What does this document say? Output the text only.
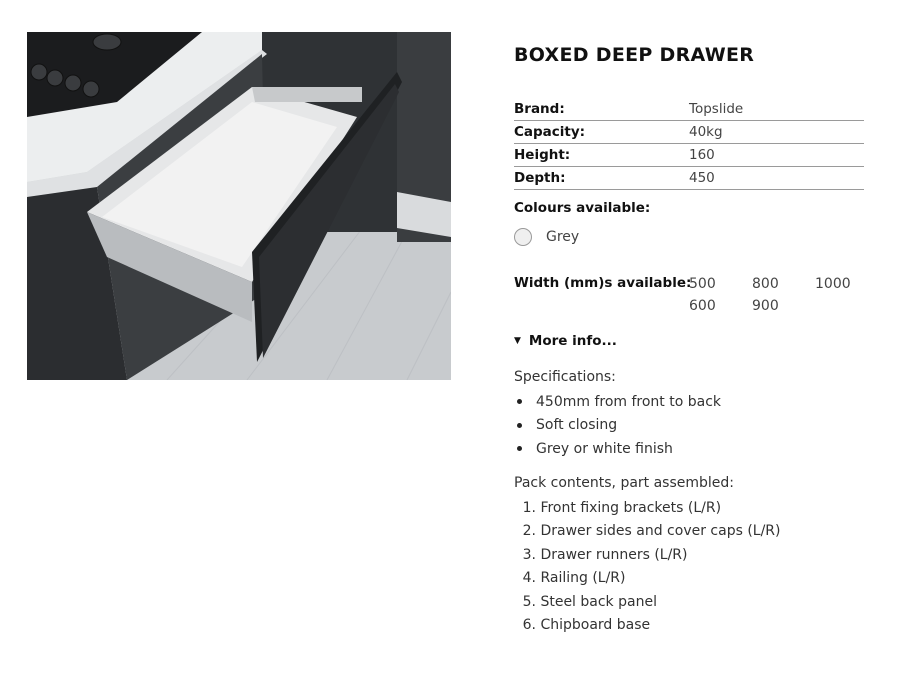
BOXED DEEP DRAWER
Brand:	Topslide
Capacity:	40kg
Height:	160
Depth:	450
Colours available:
Grey
Width (mm)s available:
500	800	1000
600	900
▼ More info...
Specifications:
450mm from front to back
Soft closing
Grey or white finish
Pack contents, part assembled:
1.
Front fixing brackets (L/R)
2.
Drawer sides and cover caps (L/R)
3.
Drawer runners (L/R)
4.
Railing (L/R)
5.
Steel back panel
6.
Chipboard base
